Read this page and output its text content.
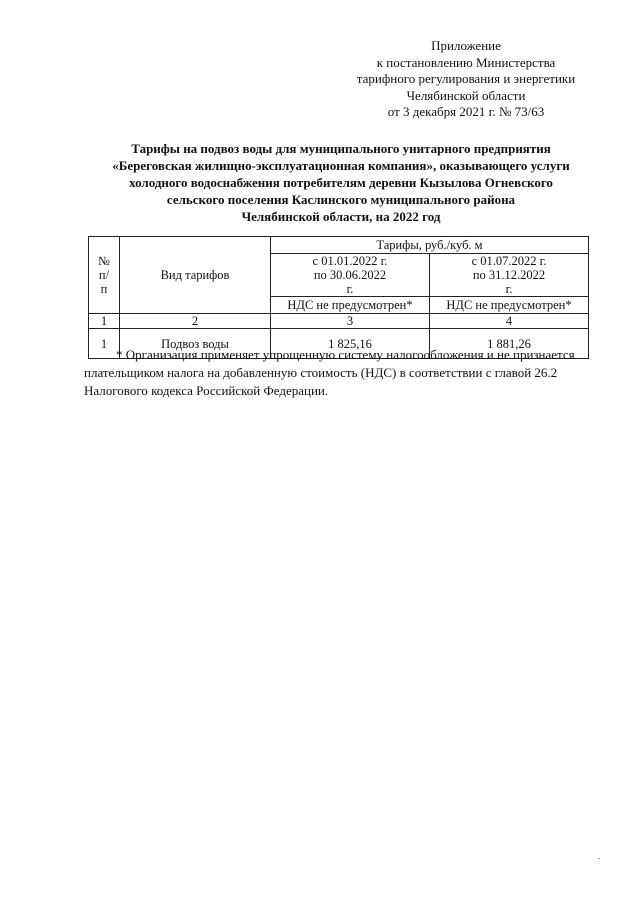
Приложение
к постановлению Министерства
тарифного регулирования и энергетики
Челябинской области
от 3 декабря 2021 г. № 73/63
Тарифы на подвоз воды для муниципального унитарного предприятия
«Береговская жилищно-эксплуатационная компания», оказывающего услуги
холодного водоснабжения потребителям деревни Кызылова Огневского
сельского поселения Каслинского муниципального района
Челябинской области, на 2022 год
№ п/п	Вид тарифов	Тарифы, руб./куб. м	
		с 01.01.2022 г. по 30.06.2022 г.	с 01.07.2022 г. по 31.12.2022 г.
		НДС не предусмотрен*	НДС не предусмотрен*
1	2	3	4
1	Подвоз воды	1 825,16	1 881,26
* Организация применяет упрощенную систему налогообложения и не признается
плательщиком налога на добавленную стоимость (НДС) в соответствии с главой 26.2
Налогового кодекса Российской Федерации.
